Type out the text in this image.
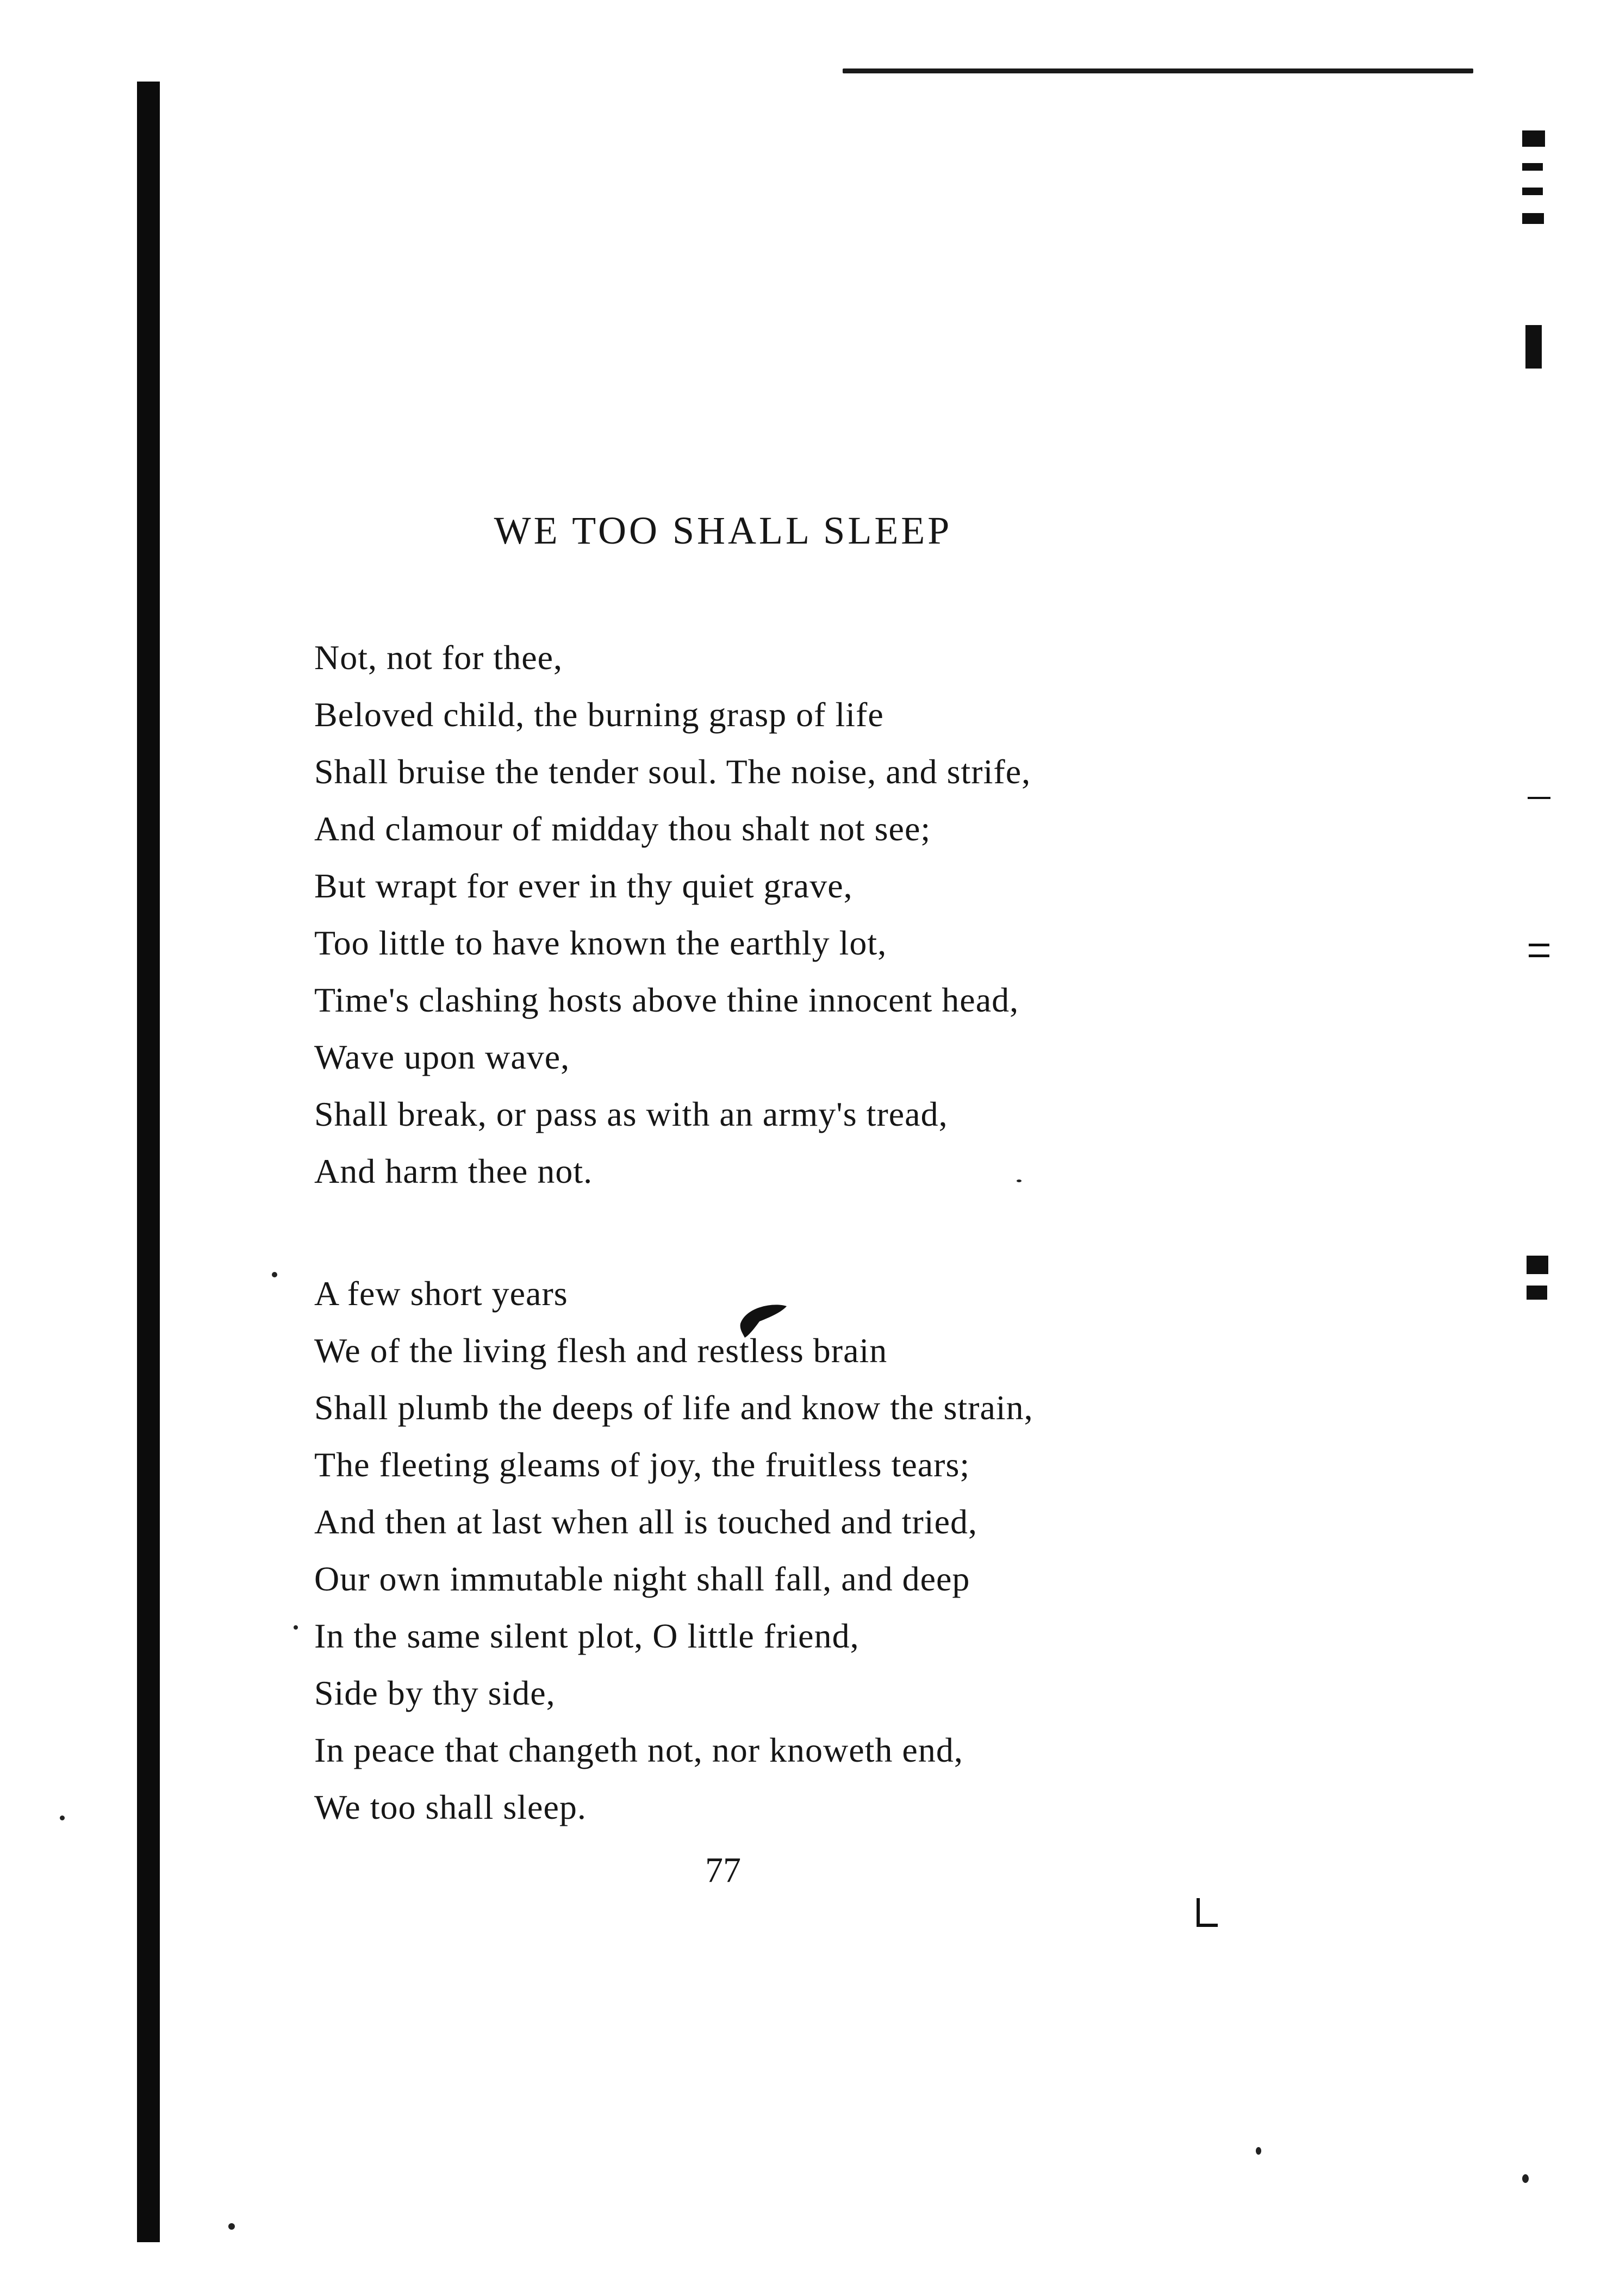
WE TOO SHALL SLEEP
Not, not for thee,
Beloved child, the burning grasp of life
Shall bruise the tender soul. The noise, and strife,
And clamour of midday thou shalt not see;
But wrapt for ever in thy quiet grave,
Too little to have known the earthly lot,
Time's clashing hosts above thine innocent head,
Wave upon wave,
Shall break, or pass as with an army's tread,
And harm thee not.
A few short years
We of the living flesh and restless brain
Shall plumb the deeps of life and know the strain,
The fleeting gleams of joy, the fruitless tears;
And then at last when all is touched and tried,
Our own immutable night shall fall, and deep
In the same silent plot, O little friend,
Side by thy side,
In peace that changeth not, nor knoweth end,
We too shall sleep.
77
